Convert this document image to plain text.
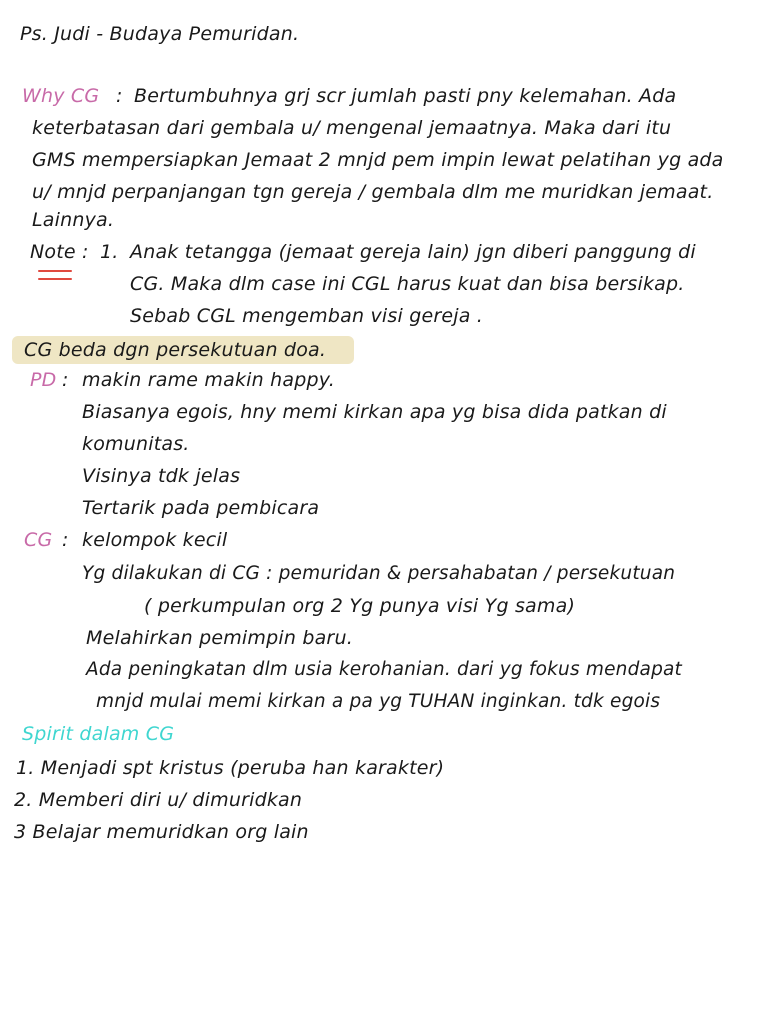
Ps. Judi - Budaya Pemuridan.
Why CG : Bertumbuhnya grj scr jumlah pasti pny kelemahan. Ada
keterbatasan dari gembala u/ mengenal jemaatnya. Maka dari itu
GMS mempersiapkan Jemaat 2 mnjd pem impin lewat pelatihan yg ada
u/ mnjd perpanjangan tgn gereja / gembala dlm me muridkan jemaat.
Lainnya.
Note : 1. Anak tetangga (jemaat gereja lain) jgn diberi panggung di
CG. Maka dlm case ini CGL harus kuat dan bisa bersikap.
Sebab CGL mengemban visi gereja .
CG beda dgn persekutuan doa.
PD : makin rame makin happy.
Biasanya egois, hny memi kirkan apa yg bisa dida patkan di
komunitas.
Visinya tdk jelas
Tertarik pada pembicara
CG : kelompok kecil
Yg dilakukan di CG : pemuridan & persahabatan / persekutuan
( perkumpulan org 2 Yg punya visi Yg sama)
Melahirkan pemimpin baru.
Ada peningkatan dlm usia kerohanian. dari yg fokus mendapat
mnjd mulai memi kirkan a pa yg TUHAN inginkan. tdk egois
Spirit dalam CG
1. Menjadi spt kristus (peruba han karakter)
2. Memberi diri u/ dimuridkan
3 Belajar memuridkan org lain
